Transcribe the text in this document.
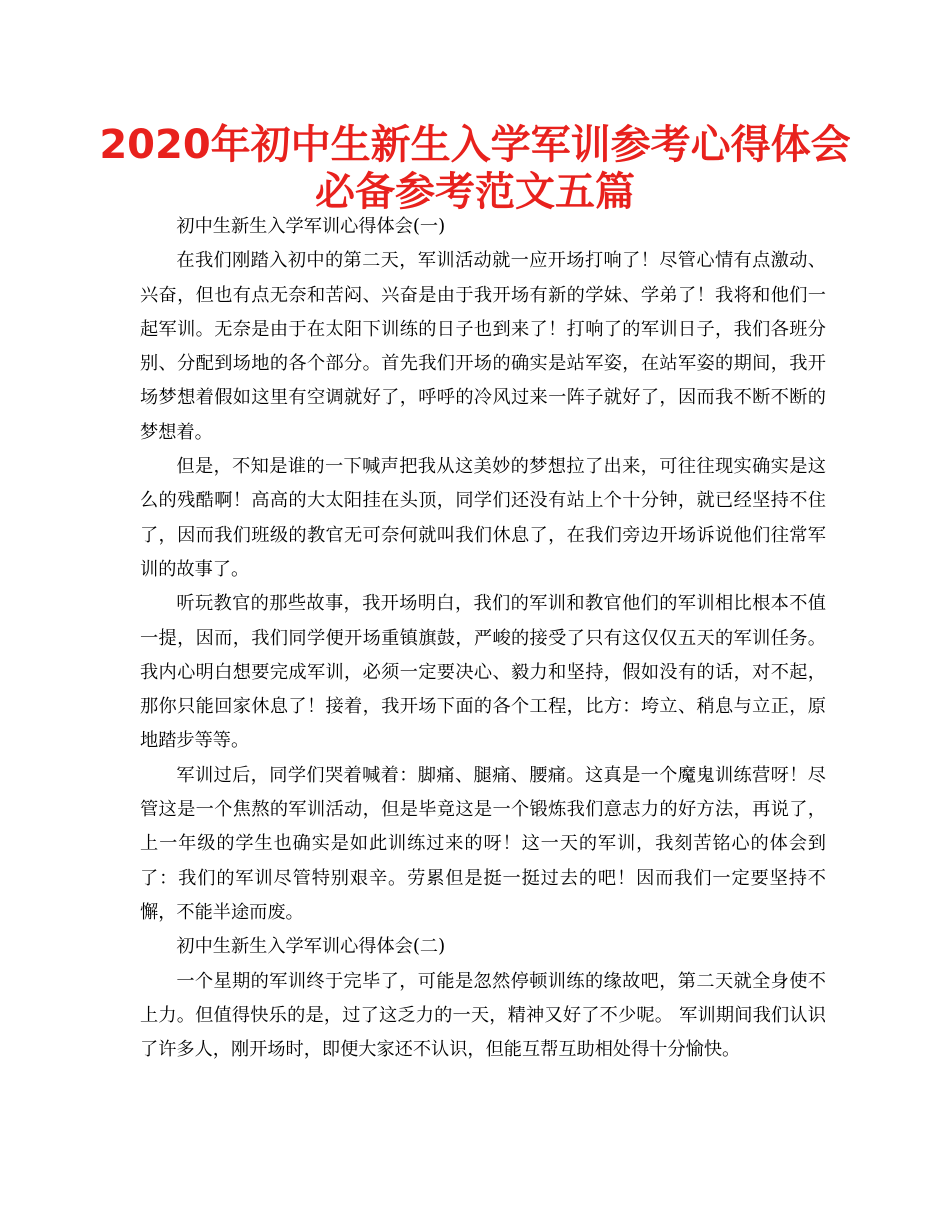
2020年初中生新生入学军训参考心得体会
必备参考范文五篇

初中生新生入学军训心得体会(一)

在我们刚踏入初中的第二天，军训活动就一应开场打响了！尽管心情有点激动、兴奋，但也有点无奈和苦闷、兴奋是由于我开场有新的学妹、学弟了！我将和他们一起军训。无奈是由于在太阳下训练的日子也到来了！打响了的军训日子，我们各班分别、分配到场地的各个部分。首先我们开场的确实是站军姿，在站军姿的期间，我开场梦想着假如这里有空调就好了，呼呼的冷风过来一阵子就好了，因而我不断不断的梦想着。

但是，不知是谁的一下喊声把我从这美妙的梦想拉了出来，可往往现实确实是这么的残酷啊！高高的大太阳挂在头顶，同学们还没有站上个十分钟，就已经坚持不住了，因而我们班级的教官无可奈何就叫我们休息了，在我们旁边开场诉说他们往常军训的故事了。

听玩教官的那些故事，我开场明白，我们的军训和教官他们的军训相比根本不值一提，因而，我们同学便开场重镇旗鼓，严峻的接受了只有这仅仅五天的军训任务。我内心明白想要完成军训，必须一定要决心、毅力和坚持，假如没有的话，对不起，那你只能回家休息了！接着，我开场下面的各个工程，比方：垮立、稍息与立正，原地踏步等等。

军训过后，同学们哭着喊着：脚痛、腿痛、腰痛。这真是一个魔鬼训练营呀！尽管这是一个焦熬的军训活动，但是毕竟这是一个锻炼我们意志力的好方法，再说了，上一年级的学生也确实是如此训练过来的呀！这一天的军训，我刻苦铭心的体会到了：我们的军训尽管特别艰辛。劳累但是挺一挺过去的吧！因而我们一定要坚持不懈，不能半途而废。

初中生新生入学军训心得体会(二)

一个星期的军训终于完毕了，可能是忽然停顿训练的缘故吧，第二天就全身使不上力。但值得快乐的是，过了这乏力的一天，精神又好了不少呢。 军训期间我们认识了许多人，刚开场时，即便大家还不认识，但能互帮互助相处得十分愉快。
